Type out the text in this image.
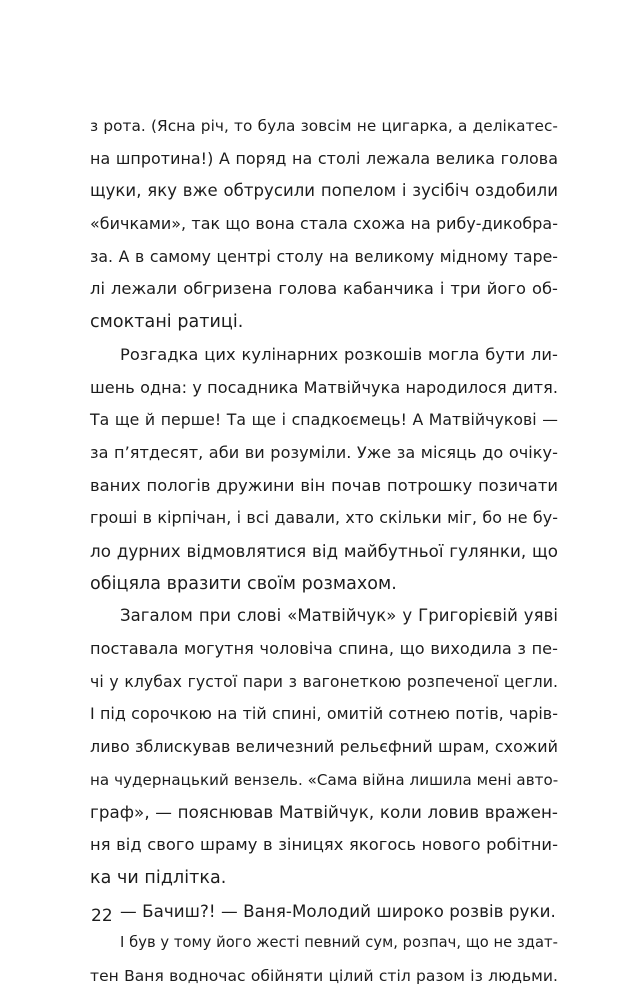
з рота. (Ясна річ, то була зовсім не цигарка, а делікатес-
на шпротина!) А поряд на столі лежала велика голова
щуки, яку вже обтрусили попелом і зусібіч оздобили
«бичками», так що вона стала схожа на рибу-дикобра-
за. А в самому центрі столу на великому мідному таре-
лі лежали обгризена голова кабанчика і три його об-
смоктані ратиці.
Розгадка цих кулінарних розкошів могла бути ли-
шень одна: у посадника Матвійчука народилося дитя.
Та ще й перше! Та ще і спадкоємець! А Матвійчукові —
за п’ятдесят, аби ви розуміли. Уже за місяць до очіку-
ваних пологів дружини він почав потрошку позичати
гроші в кірпічан, і всі давали, хто скільки міг, бо не бу-
ло дурних відмовлятися від майбутньої гулянки, що
обіцяла вразити своїм розмахом.
Загалом при слові «Матвійчук» у Григорієвій уяві
поставала могутня чоловіча спина, що виходила з пе-
чі у клубах густої пари з вагонеткою розпеченої цегли.
І під сорочкою на тій спині, омитій сотнею потів, чарів-
ливо зблискував величезний рельєфний шрам, схожий
на чудернацький вензель. «Сама війна лишила мені авто-
граф», — пояснював Матвійчук, коли ловив вражен-
ня від свого шраму в зіницях якогось нового робітни-
ка чи підлітка.
— Бачиш?! — Ваня-Молодий широко розвів руки.
І був у тому його жесті певний сум, розпач, що не здат-
тен Ваня водночас обійняти цілий стіл разом із людьми.
22
